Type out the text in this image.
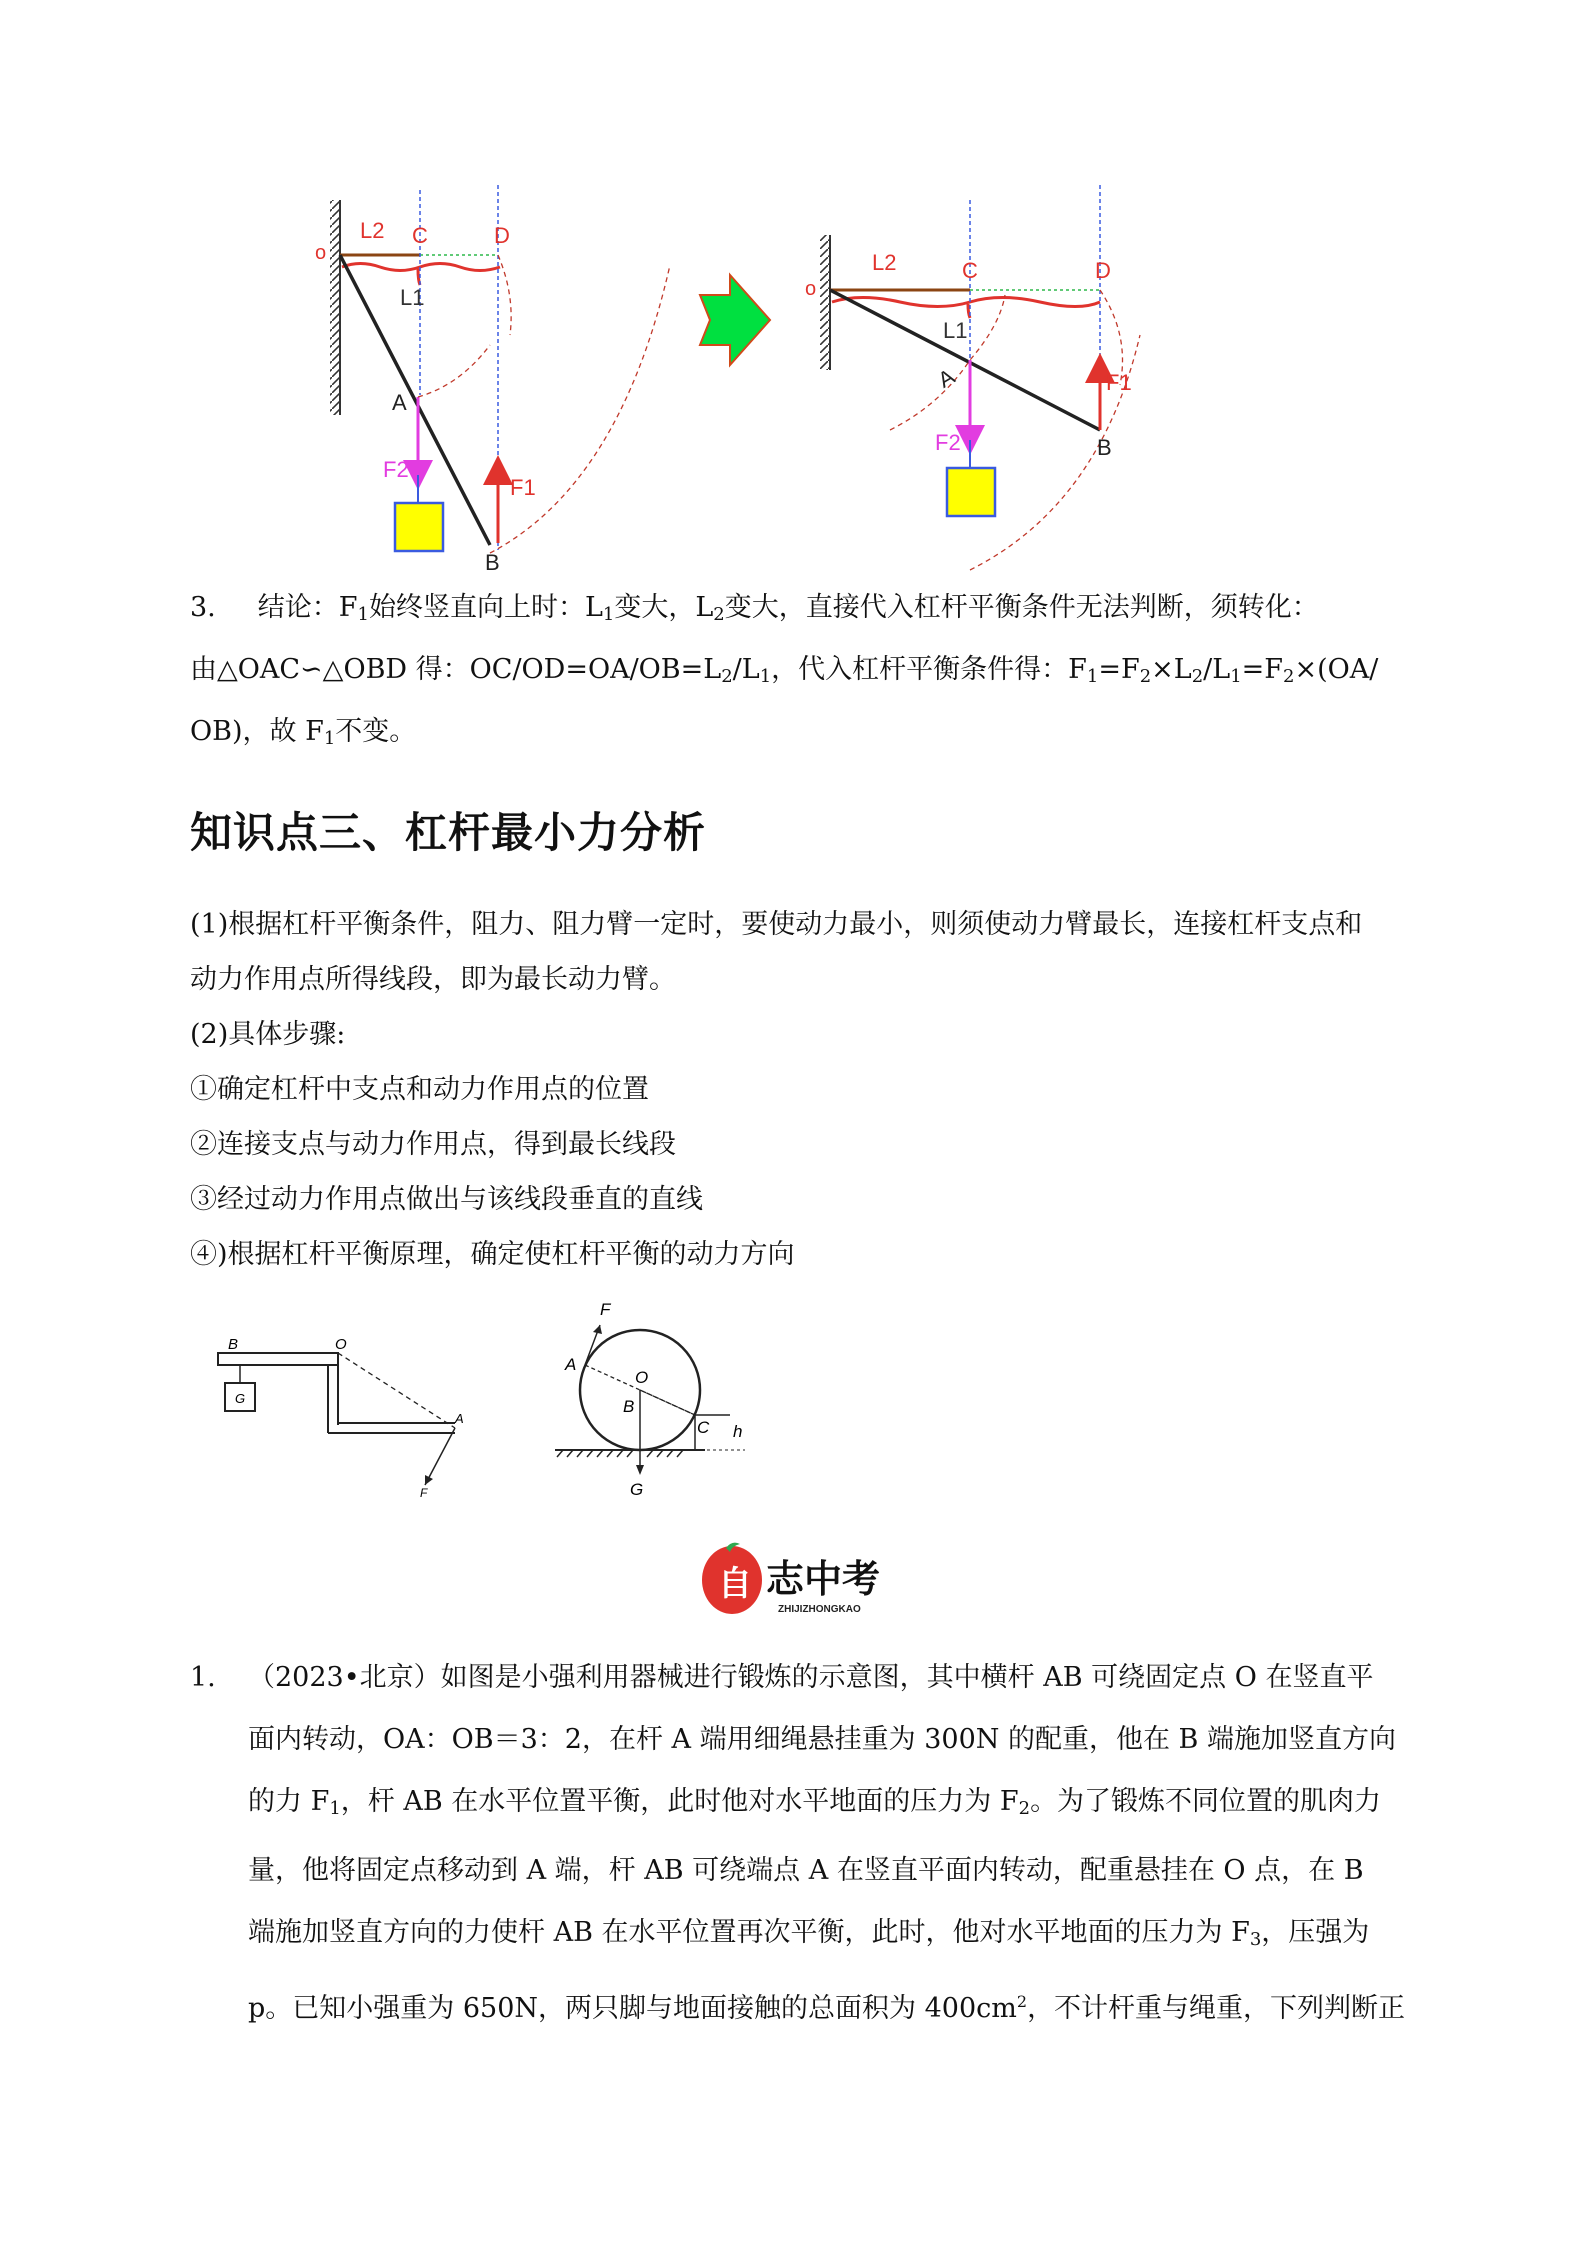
o
L2 C	D
L1
A
F2
F1
B
o
L2	C	D
L1
A
F2
F1
B
3. 结论：$F_1$始终竖直向上时：$L_1$变大，$L_2$变大，直接代入杠杆平衡条件无法判断，须转化：
由△OAC∽△OBD 得：$OC/OD=OA/OB=L_2/L_1$，代入杠杆平衡条件得：$F_1=F_2\times L_2/L_1=F_2\times(OA/$
OB)，故 $F_1$不变。
知识点三、杠杆最小力分析
(1)根据杠杆平衡条件，阻力、阻力臂一定时，要使动力最小，则须使动力臂最长，连接杠杆支点和
动力作用点所得线段，即为最长动力臂。
(2)具体步骤:
①确定杠杆中支点和动力作用点的位置
②连接支点与动力作用点，得到最长线段
③经过动力作用点做出与该线段垂直的直线
④)根据杠杆平衡原理，确定使杠杆平衡的动力方向
B	O
G
A
F
F
A
O
B
C h
G
自 志中考
ZHIJIZHONGKAO
1. （2023•北京）如图是小强利用器械进行锻炼的示意图，其中横杆 AB 可绕固定点 O 在竖直平
面内转动，OA：OB＝3：2，在杆 A 端用细绳悬挂重为 300N 的配重，他在 B 端施加竖直方向
的力 $F_1$，杆 AB 在水平位置平衡，此时他对水平地面的压力为 $F_2$。为了锻炼不同位置的肌肉力
量，他将固定点移动到 A 端，杆 AB 可绕端点 A 在竖直平面内转动，配重悬挂在 O 点，在 B
端施加竖直方向的力使杆 AB 在水平位置再次平衡，此时，他对水平地面的压力为 $F_3$，压强为
p。已知小强重为 650N，两只脚与地面接触的总面积为 $400cm^2$，不计杆重与绳重，下列判断正
